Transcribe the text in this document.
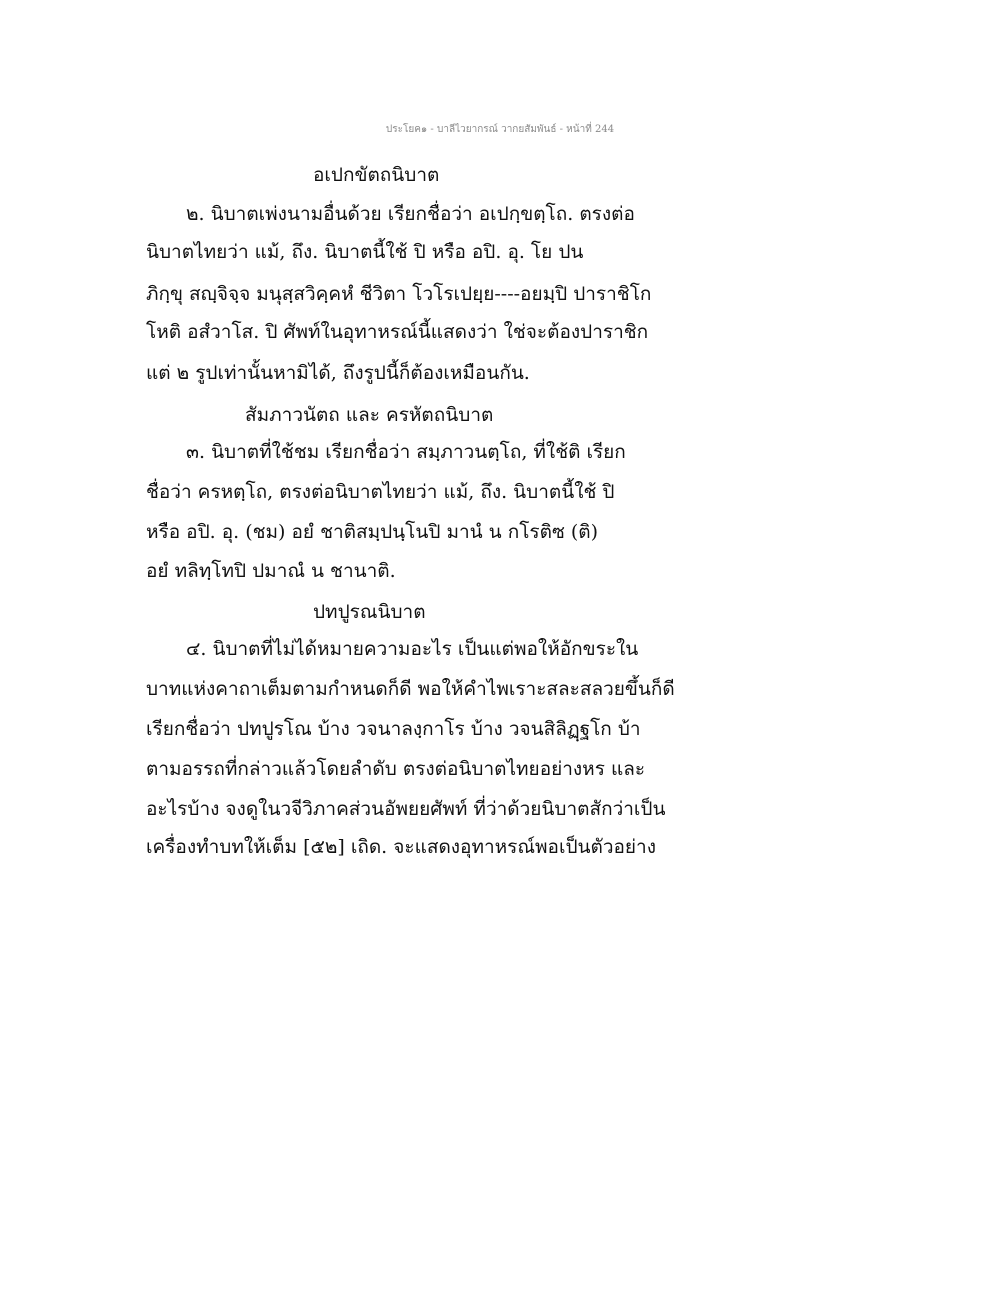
ประโยค๑ - บาลีไวยากรณ์ วากยสัมพันธ์ - หน้าที่ 244
อเปกขัตถนิบาต
๒. นิบาตเพ่งนามอื่นด้วย เรียกชื่อว่า อเปกฺขตฺโถ. ตรงต่อ
นิบาตไทยว่า แม้, ถึง. นิบาตนี้ใช้ ปิ หรือ อปิ. อุ. โย ปน
ภิกฺขุ สญฺจิจฺจ มนุสฺสวิคฺคหํ ชีวิตา โวโรเปยฺย----อยมฺปิ ปาราชิโก
โหติ อสํวาโส. ปิ ศัพท์ในอุทาหรณ์นี้แสดงว่า ใช่จะต้องปาราชิก
แต่ ๒ รูปเท่านั้นหามิได้, ถึงรูปนี้ก็ต้องเหมือนกัน.
สัมภาวนัตถ และ ครหัตถนิบาต
๓. นิบาตที่ใช้ชม เรียกชื่อว่า สมฺภาวนตฺโถ, ที่ใช้ติ เรียก
ชื่อว่า ครหตฺโถ, ตรงต่อนิบาตไทยว่า แม้, ถึง. นิบาตนี้ใช้ ปิ
หรือ อปิ. อุ. (ชม) อยํ ชาติสมฺปนฺโนปิ มานํ น กโรติซ (ติ)
อยํ ทลิทฺโทปิ ปมาณํ น ชานาติ.
ปทปูรณนิบาต
๔. นิบาตที่ไม่ได้หมายความอะไร เป็นแต่พอให้อักขระใน
บาทแห่งคาถาเต็มตามกำหนดก็ดี พอให้คำไพเราะสละสลวยขึ้นก็ดี
เรียกชื่อว่า ปทปูรโณ บ้าง วจนาลงฺกาโร บ้าง วจนสิลิฏฺฐโก บ้า
ตามอรรถที่กล่าวแล้วโดยลำดับ ตรงต่อนิบาตไทยอย่างหร และ
อะไรบ้าง จงดูในวจีวิภาคส่วนอัพยยศัพท์ ที่ว่าด้วยนิบาตสักว่าเป็น
เครื่องทำบทให้เต็ม [๕๒] เถิด. จะแสดงอุทาหรณ์พอเป็นตัวอย่าง
